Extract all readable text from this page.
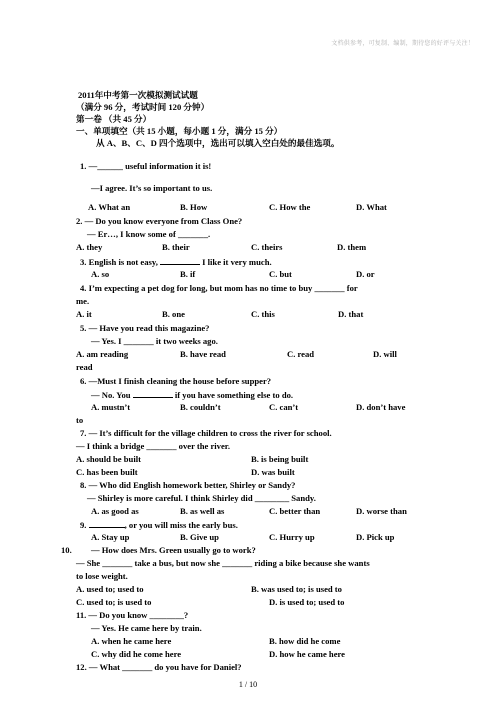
文档供参考，可复制、编制，期待您的好评与关注！
2011年中考第一次模拟测试试题
（满分 96 分，考试时间 120 分钟）
第一卷 （共 45 分）
一、单项填空（共 15 小题，每小题 1 分，满分 15 分）
从 A、B、C、D 四个选项中，选出可以填入空白处的最佳选项。
1. —______ useful information it is!
—I agree. It’s so important to us.
A. What an	B. How	C. How the	D. What
2. — Do you know everyone from Class One?
— Er…, I know some of _______.
A. they	B. their	C. theirs	D. them
3. English is not easy,	I like it very much.
A. so	B. if	C. but	D. or
4. I’m expecting a pet dog for long, but mom has no time to buy _______ for
me.
A. it	B. one	C. this	D. that
5. — Have you read this magazine?
— Yes. I _______ it two weeks ago.
A. am reading	B. have read	C. read	D. will
read
6. —Must I finish cleaning the house before supper?
— No. You	if you have something else to do.
A. mustn’t	B. couldn’t	C. can’t	D. don’t have
to
7. — It’s difficult for the village children to cross the river for school.
— I think a bridge _______ over the river.
A. should be built	B. is being built
C. has been built	D. was built
8. — Who did English homework better, Shirley or Sandy?
— Shirley is more careful. I think Shirley did ________ Sandy.
A. as good as	B. as well as	C. better than	D. worse than
9.	, or you will miss the early bus.
A. Stay up	B. Give up	C. Hurry up	D. Pick up
10. — How does Mrs. Green usually go to work?
— She _______ take a bus, but now she _______ riding a bike because she wants
to lose weight.
A. used to; used to	B. was used to; is used to
C. used to; is used to	D. is used to; used to
11. — Do you know ________?
— Yes. He came here by train.
A. when he came here	B. how did he come
C. why did he come here	D. how he came here
12. — What _______ do you have for Daniel?
1 / 10
